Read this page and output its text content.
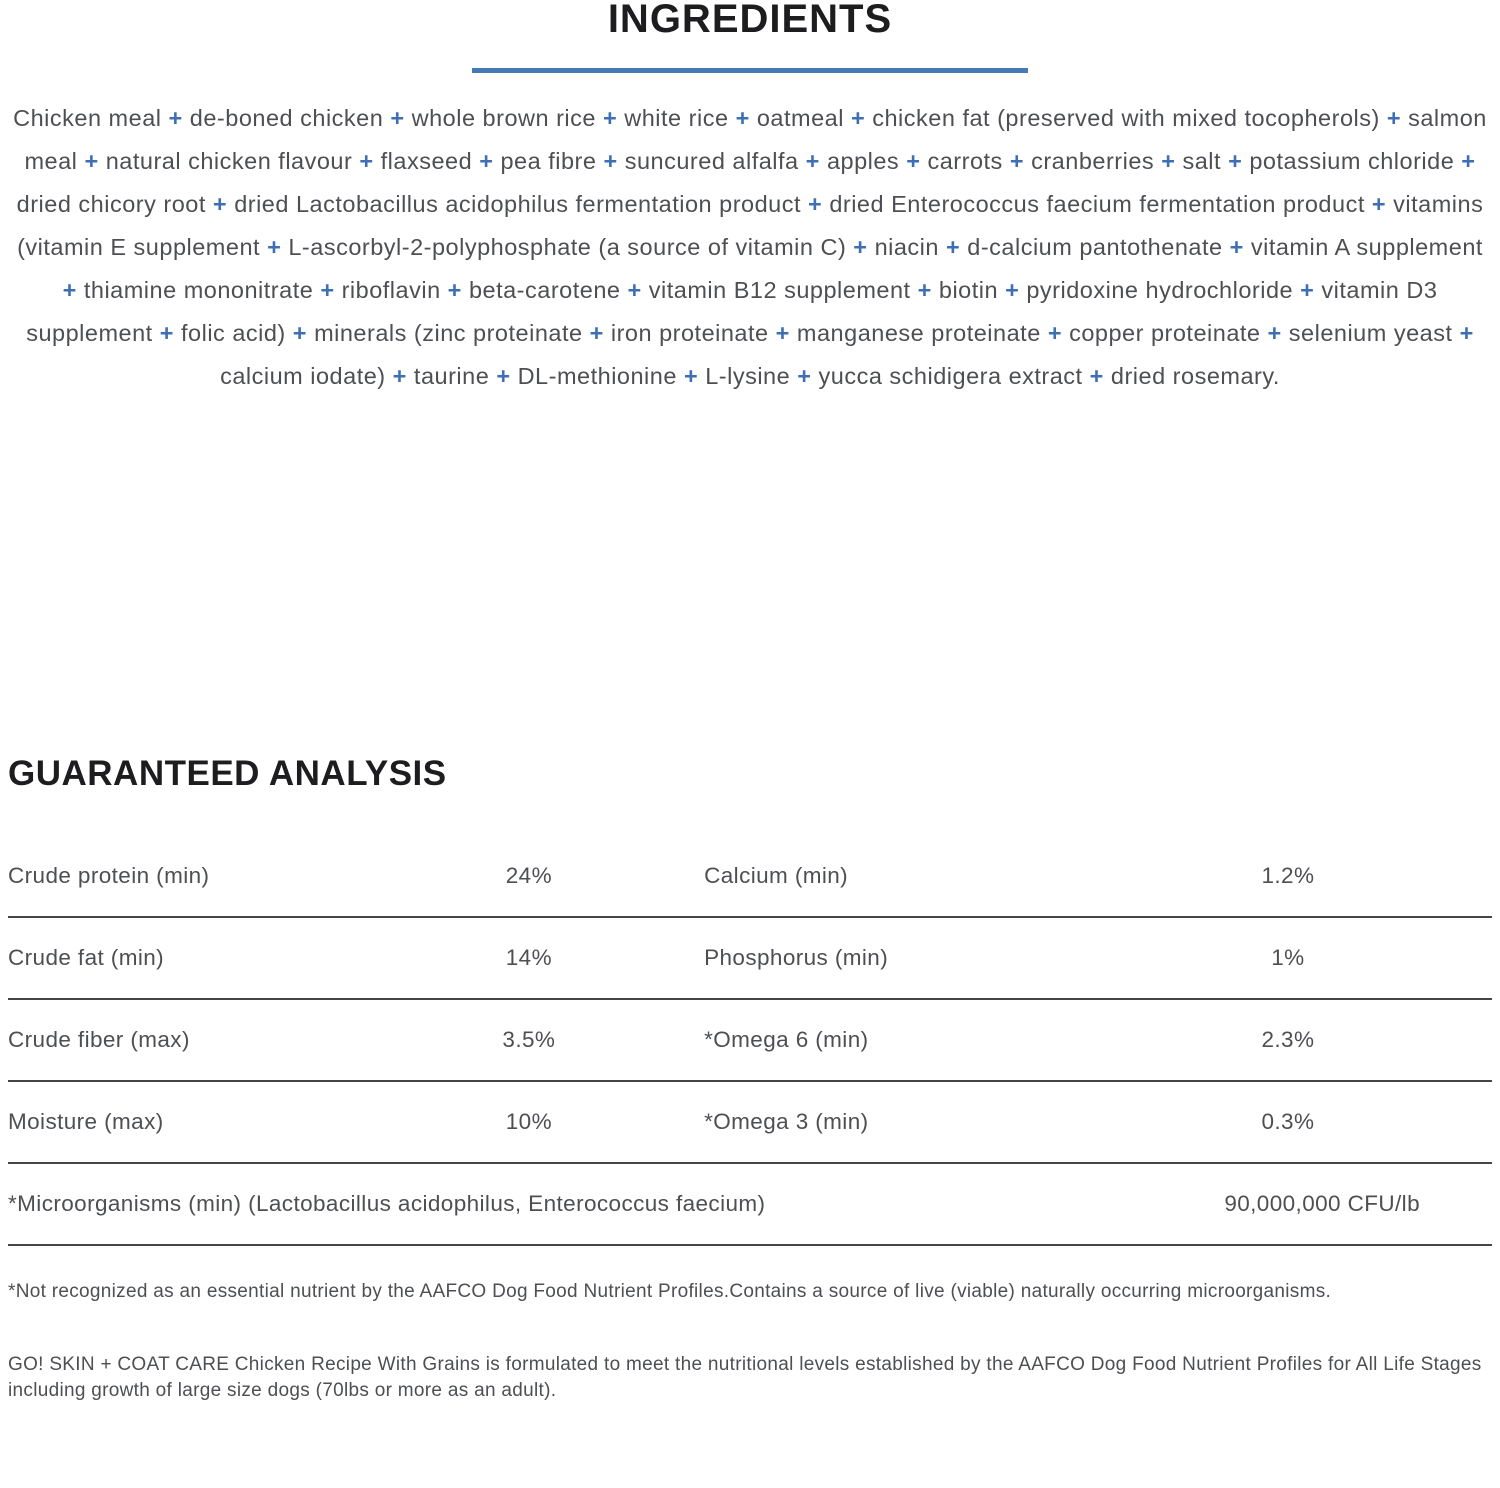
INGREDIENTS

Chicken meal + de-boned chicken + whole brown rice + white rice + oatmeal + chicken fat (preserved with mixed tocopherols) + salmon meal + natural chicken flavour + flaxseed + pea fibre + suncured alfalfa + apples + carrots + cranberries + salt + potassium chloride + dried chicory root + dried Lactobacillus acidophilus fermentation product + dried Enterococcus faecium fermentation product + vitamins (vitamin E supplement + L-ascorbyl-2-polyphosphate (a source of vitamin C) + niacin + d-calcium pantothenate + vitamin A supplement + thiamine mononitrate + riboflavin + beta-carotene + vitamin B12 supplement + biotin + pyridoxine hydrochloride + vitamin D3 supplement + folic acid) + minerals (zinc proteinate + iron proteinate + manganese proteinate + copper proteinate + selenium yeast + calcium iodate) + taurine + DL-methionine + L-lysine + yucca schidigera extract + dried rosemary.

GUARANTEED ANALYSIS
Crude protein (min)	24%	Calcium (min)	1.2%
Crude fat (min)	14%	Phosphorus (min)	1%
Crude fiber (max)	3.5%	*Omega 6 (min)	2.3%
Moisture (max)	10%	*Omega 3 (min)	0.3%
*Microorganisms (min) (Lactobacillus acidophilus, Enterococcus faecium)	90,000,000 CFU/lb

*Not recognized as an essential nutrient by the AAFCO Dog Food Nutrient Profiles.Contains a source of live (viable) naturally occurring microorganisms.

GO! SKIN + COAT CARE Chicken Recipe With Grains is formulated to meet the nutritional levels established by the AAFCO Dog Food Nutrient Profiles for All Life Stages including growth of large size dogs (70lbs or more as an adult).
